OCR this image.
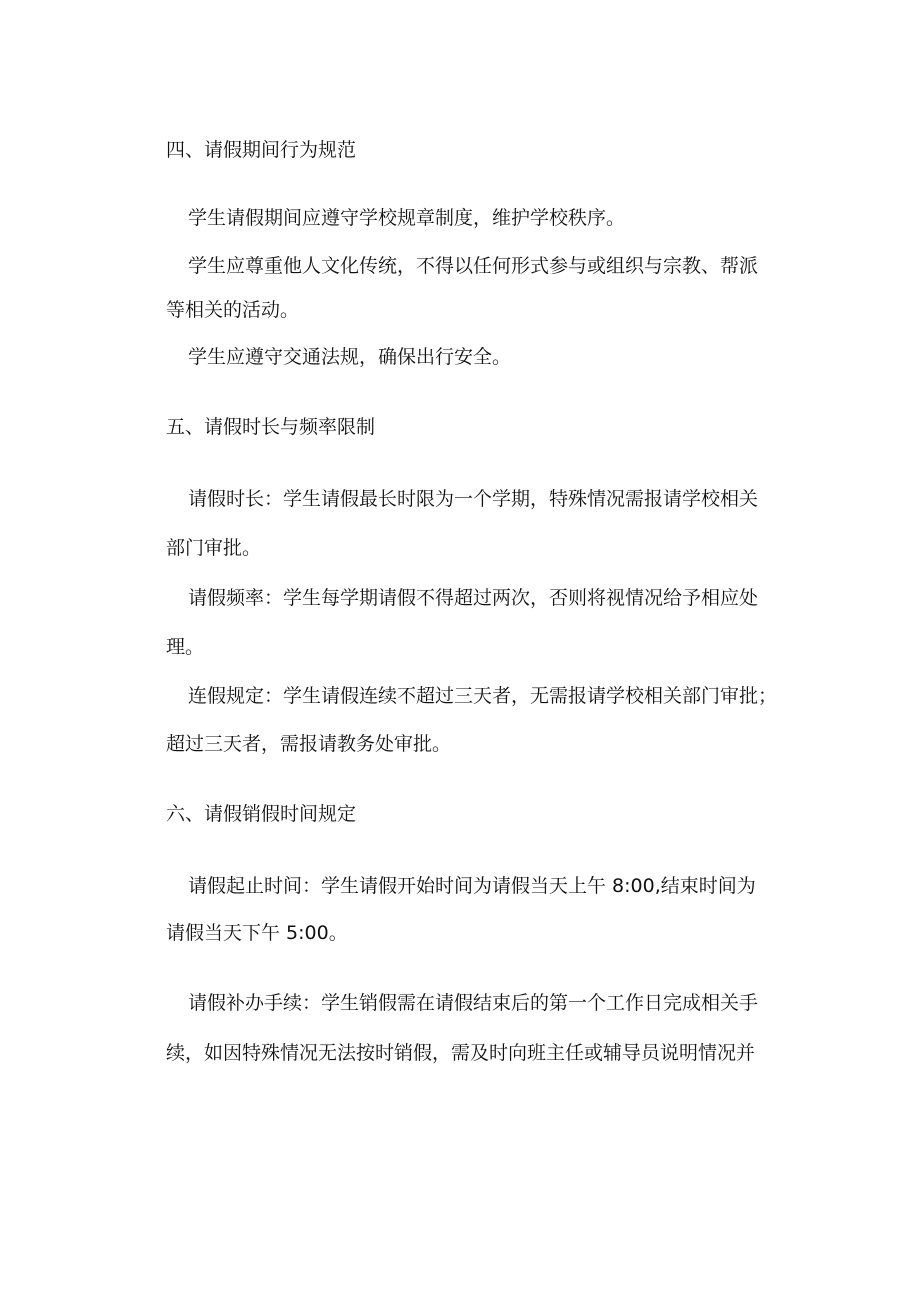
四、请假期间行为规范

学生请假期间应遵守学校规章制度，维护学校秩序。

学生应尊重他人文化传统，不得以任何形式参与或组织与宗教、帮派

等相关的活动。

学生应遵守交通法规，确保出行安全。

五、请假时长与频率限制

请假时长：学生请假最长时限为一个学期，特殊情况需报请学校相关

部门审批。

请假频率：学生每学期请假不得超过两次，否则将视情况给予相应处

理。

连假规定：学生请假连续不超过三天者，无需报请学校相关部门审批；

超过三天者，需报请教务处审批。

六、请假销假时间规定

请假起止时间：学生请假开始时间为请假当天上午 8:00,结束时间为

请假当天下午 5:00。

请假补办手续：学生销假需在请假结束后的第一个工作日完成相关手

续，如因特殊情况无法按时销假，需及时向班主任或辅导员说明情况并
